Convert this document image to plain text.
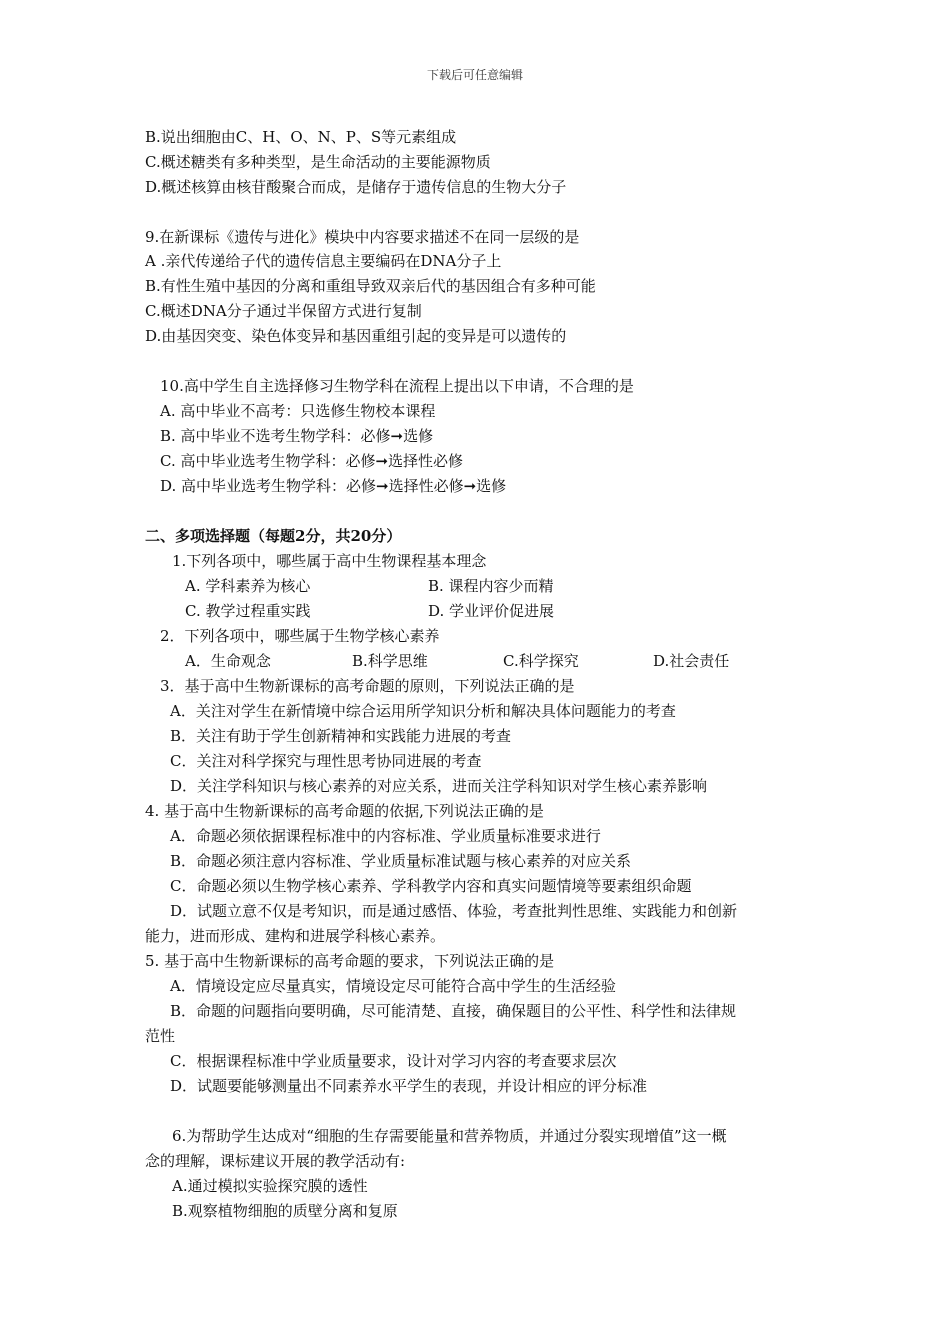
下载后可任意编辑
B.说出细胞由C、H、O、N、P、S等元素组成
C.概述糖类有多种类型，是生命活动的主要能源物质
D.概述核算由核苷酸聚合而成，是储存于遗传信息的生物大分子
9.在新课标《遗传与进化》模块中内容要求描述不在同一层级的是
A .亲代传递给子代的遗传信息主要编码在DNA分子上
B.有性生殖中基因的分离和重组导致双亲后代的基因组合有多种可能
C.概述DNA分子通过半保留方式进行复制
D.由基因突变、染色体变异和基因重组引起的变异是可以遗传的
10.高中学生自主选择修习生物学科在流程上提出以下申请，不合理的是
A. 高中毕业不高考：只选修生物校本课程
B. 高中毕业不选考生物学科：必修➞选修
C. 高中毕业选考生物学科：必修➞选择性必修
D. 高中毕业选考生物学科：必修➞选择性必修➞选修
二、多项选择题（每题2分，共20分）
1.下列各项中，哪些属于高中生物课程基本理念
A. 学科素养为核心	B. 课程内容少而精
C. 教学过程重实践	D. 学业评价促进展
2．下列各项中，哪些属于生物学核心素养
A．生命观念	B.科学思维	C.科学探究	D.社会责任
3．基于高中生物新课标的高考命题的原则，下列说法正确的是
A．关注对学生在新情境中综合运用所学知识分析和解决具体问题能力的考查
B．关注有助于学生创新精神和实践能力进展的考查
C．关注对科学探究与理性思考协同进展的考查
D．关注学科知识与核心素养的对应关系，进而关注学科知识对学生核心素养影响
4. 基于高中生物新课标的高考命题的依据,下列说法正确的是
A．命题必须依据课程标准中的内容标准、学业质量标准要求进行
B．命题必须注意内容标准、学业质量标准试题与核心素养的对应关系
C．命题必须以生物学核心素养、学科教学内容和真实问题情境等要素组织命题
D．试题立意不仅是考知识，而是通过感悟、体验，考查批判性思维、实践能力和创新
能力，进而形成、建构和进展学科核心素养。
5. 基于高中生物新课标的高考命题的要求，下列说法正确的是
A．情境设定应尽量真实，情境设定尽可能符合高中学生的生活经验
B．命题的问题指向要明确，尽可能清楚、直接，确保题目的公平性、科学性和法律规
范性
C．根据课程标准中学业质量要求，设计对学习内容的考查要求层次
D．试题要能够测量出不同素养水平学生的表现，并设计相应的评分标准
6.为帮助学生达成对“细胞的生存需要能量和营养物质，并通过分裂实现增值”这一概
念的理解，课标建议开展的教学活动有:
A.通过模拟实验探究膜的透性
B.观察植物细胞的质壁分离和复原
